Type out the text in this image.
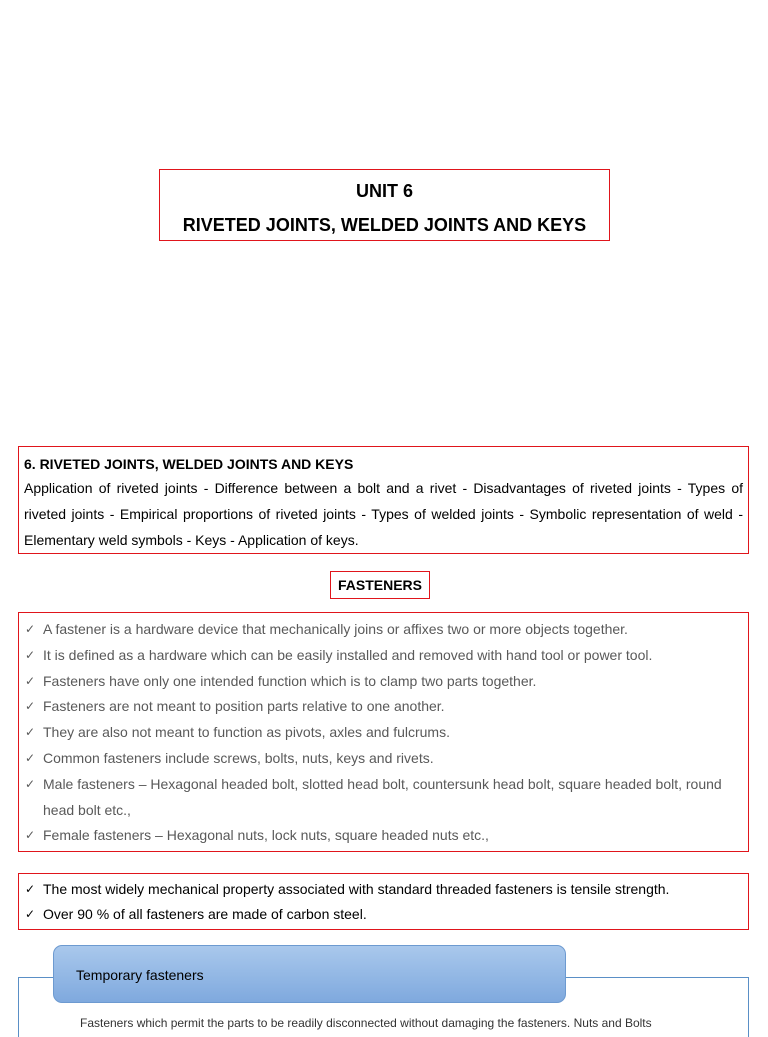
UNIT 6
RIVETED JOINTS, WELDED JOINTS AND KEYS
6. RIVETED JOINTS, WELDED JOINTS AND KEYS
Application of riveted joints - Difference between a bolt and a rivet - Disadvantages of riveted joints - Types of riveted joints - Empirical proportions of riveted joints - Types of welded joints - Symbolic representation of weld - Elementary weld symbols - Keys - Application of keys.
FASTENERS
✓ A fastener is a hardware device that mechanically joins or affixes two or more objects together.
✓ It is defined as a hardware which can be easily installed and removed with hand tool or power tool.
✓ Fasteners have only one intended function which is to clamp two parts together.
✓ Fasteners are not meant to position parts relative to one another.
✓ They are also not meant to function as pivots, axles and fulcrums.
✓ Common fasteners include screws, bolts, nuts, keys and rivets.
✓ Male fasteners – Hexagonal headed bolt, slotted head bolt, countersunk head bolt, square headed bolt, round head bolt etc.,
✓ Female fasteners – Hexagonal nuts, lock nuts, square headed nuts etc.,
✓ The most widely mechanical property associated with standard threaded fasteners is tensile strength.
✓ Over 90 % of all fasteners are made of carbon steel.
Temporary fasteners
Fasteners which permit the parts to be readily disconnected without damaging the fasteners. Nuts and Bolts
